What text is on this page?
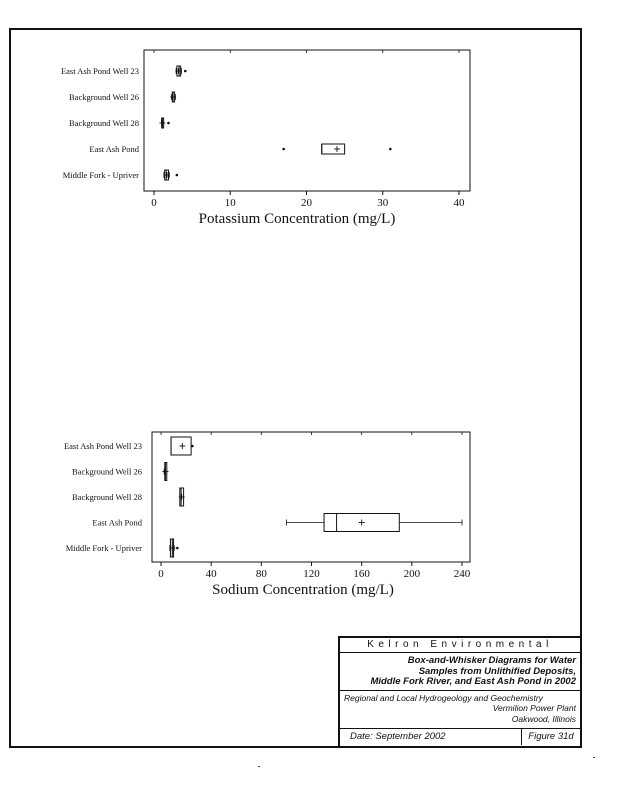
0	10	20	30	40
Potassium Concentration (mg/L)
East Ash Pond Well 23
Background Well 26
Background Well 28
East Ash Pond
Middle Fork - Upriver
0	40	80	120	160	200	240
Sodium Concentration (mg/L)
East Ash Pond Well 23
Background Well 26
Background Well 28
East Ash Pond
Middle Fork - Upriver
Kelron Environmental
Box-and-Whisker Diagrams for Water
Samples from Unlithified Deposits,
Middle Fork River, and East Ash Pond in 2002
Regional and Local Hydrogeology and Geochemistry
Vermilion Power Plant
Oakwood, Illinois
Date: September 2002	Figure 31d
